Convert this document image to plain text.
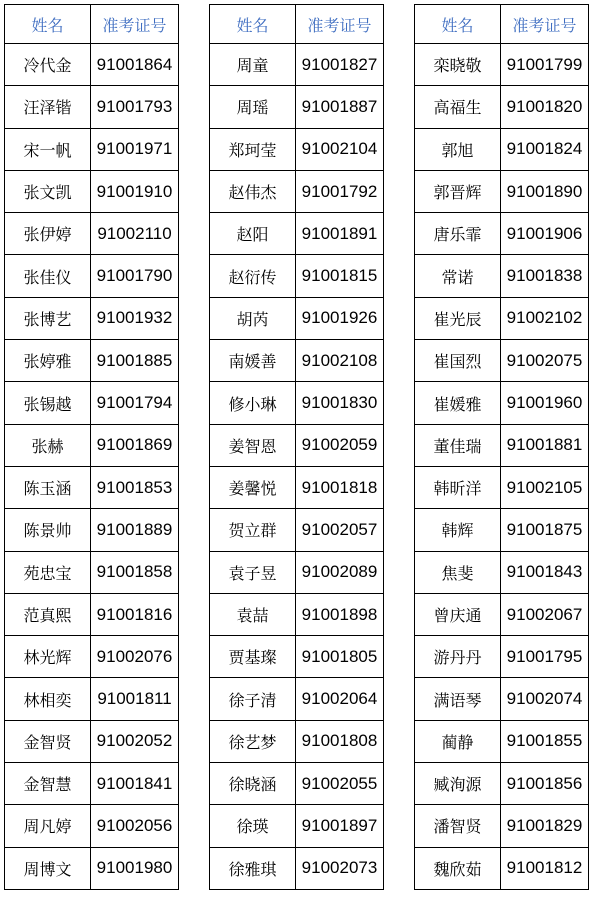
姓名	准考证号
冷代金	91001864
汪泽锴	91001793
宋一帆	91001971
张文凯	91001910
张伊婷	91002110
张佳仪	91001790
张博艺	91001932
张婷雅	91001885
张锡越	91001794
张赫	91001869
陈玉涵	91001853
陈景帅	91001889
苑忠宝	91001858
范真熙	91001816
林光辉	91002076
林相奕	91001811
金智贤	91002052
金智慧	91001841
周凡婷	91002056
周博文	91001980
姓名	准考证号
周童	91001827
周瑶	91001887
郑珂莹	91002104
赵伟杰	91001792
赵阳	91001891
赵衍传	91001815
胡芮	91001926
南媛善	91002108
修小琳	91001830
姜智恩	91002059
姜馨悦	91001818
贺立群	91002057
袁子昱	91002089
袁喆	91001898
贾基璨	91001805
徐子清	91002064
徐艺梦	91001808
徐晓涵	91002055
徐瑛	91001897
徐雅琪	91002073
姓名	准考证号
栾晓敬	91001799
高福生	91001820
郭旭	91001824
郭晋辉	91001890
唐乐霏	91001906
常诺	91001838
崔光辰	91002102
崔国烈	91002075
崔媛雅	91001960
董佳瑞	91001881
韩昕洋	91002105
韩辉	91001875
焦斐	91001843
曾庆通	91002067
游丹丹	91001795
满语琴	91002074
蔺静	91001855
臧洵源	91001856
潘智贤	91001829
魏欣茹	91001812
